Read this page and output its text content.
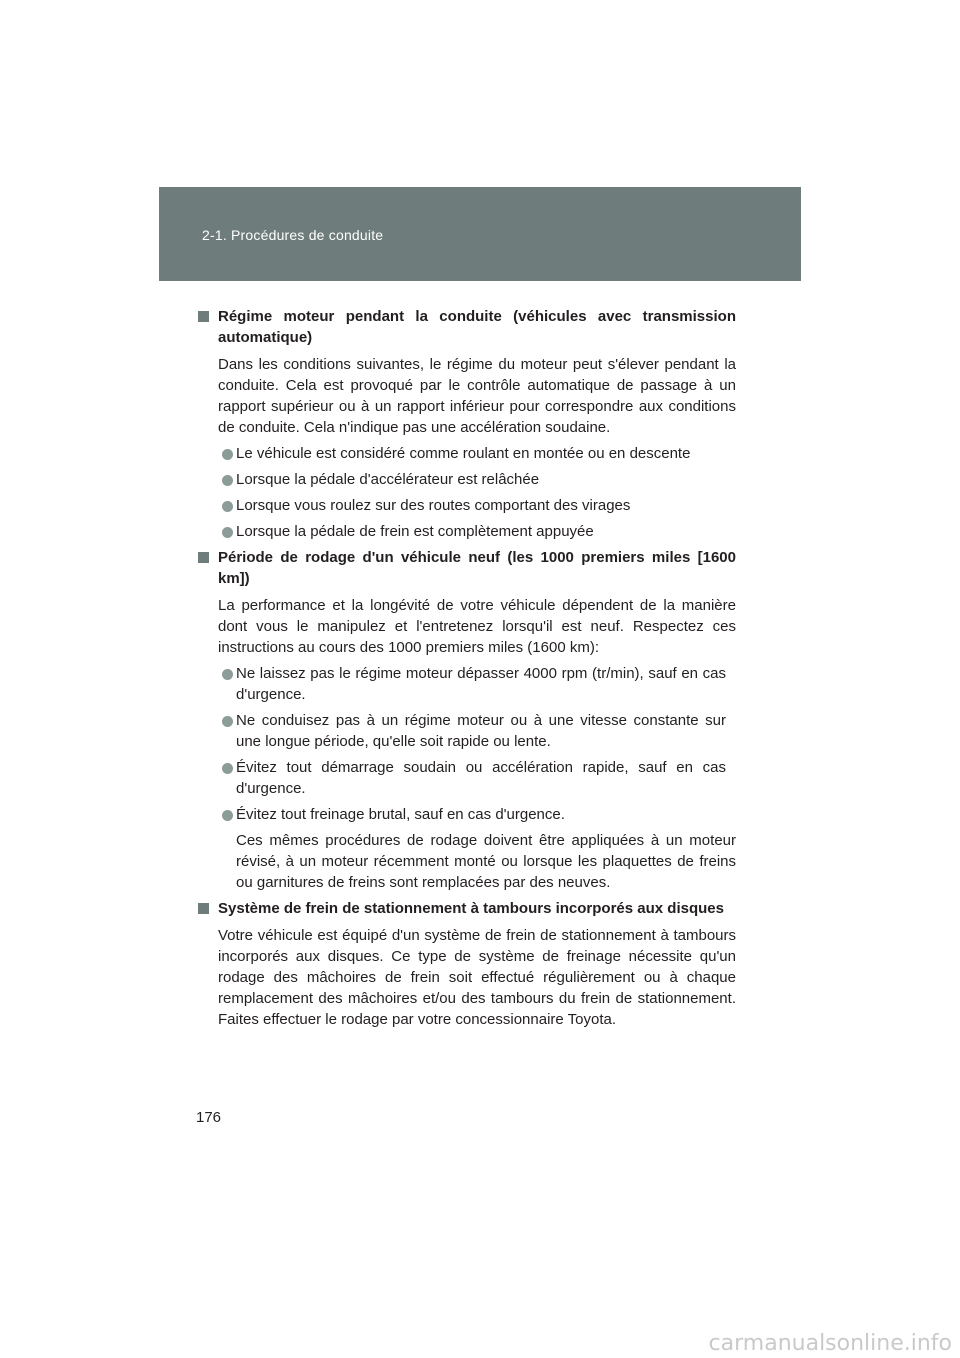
2-1. Procédures de conduite
Régime moteur pendant la conduite (véhicules avec transmission automatique)

Dans les conditions suivantes, le régime du moteur peut s'élever pendant la conduite. Cela est provoqué par le contrôle automatique de passage à un rapport supérieur ou à un rapport inférieur pour correspondre aux conditions de conduite. Cela n'indique pas une accélération soudaine.

Le véhicule est considéré comme roulant en montée ou en descente
Lorsque la pédale d'accélérateur est relâchée
Lorsque vous roulez sur des routes comportant des virages
Lorsque la pédale de frein est complètement appuyée
Période de rodage d'un véhicule neuf (les 1000 premiers miles [1600 km])

La performance et la longévité de votre véhicule dépendent de la manière dont vous le manipulez et l'entretenez lorsqu'il est neuf. Respectez ces instructions au cours des 1000 premiers miles (1600 km):

Ne laissez pas le régime moteur dépasser 4000 rpm (tr/min), sauf en cas d'urgence.
Ne conduisez pas à un régime moteur ou à une vitesse constante sur une longue période, qu'elle soit rapide ou lente.
Évitez tout démarrage soudain ou accélération rapide, sauf en cas d'urgence.
Évitez tout freinage brutal, sauf en cas d'urgence.

Ces mêmes procédures de rodage doivent être appliquées à un moteur révisé, à un moteur récemment monté ou lorsque les plaquettes de freins ou garnitures de freins sont remplacées par des neuves.

Système de frein de stationnement à tambours incorporés aux disques

Votre véhicule est équipé d'un système de frein de stationnement à tambours incorporés aux disques. Ce type de système de freinage nécessite qu'un rodage des mâchoires de frein soit effectué régulièrement ou à chaque remplacement des mâchoires et/ou des tambours du frein de stationnement. Faites effectuer le rodage par votre concessionnaire Toyota.

176
carmanualsonline.info
